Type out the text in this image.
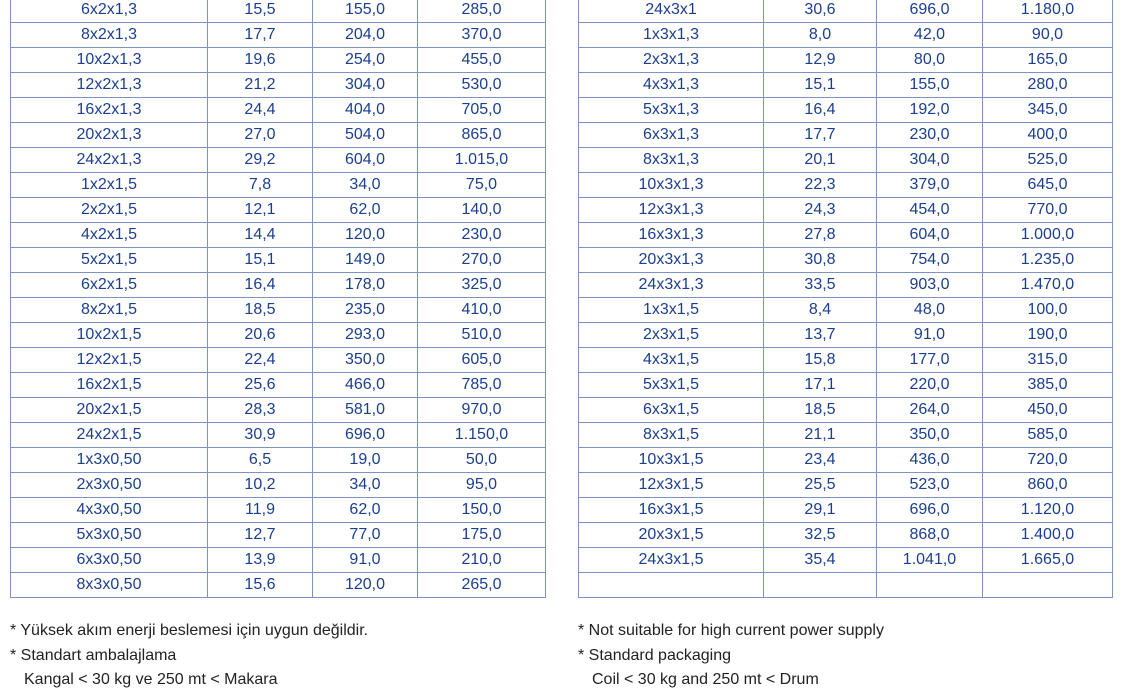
6x2x1,3	15,5	155,0	285,0
8x2x1,3	17,7	204,0	370,0
10x2x1,3	19,6	254,0	455,0
12x2x1,3	21,2	304,0	530,0
16x2x1,3	24,4	404,0	705,0
20x2x1,3	27,0	504,0	865,0
24x2x1,3	29,2	604,0	1.015,0
1x2x1,5	7,8	34,0	75,0
2x2x1,5	12,1	62,0	140,0
4x2x1,5	14,4	120,0	230,0
5x2x1,5	15,1	149,0	270,0
6x2x1,5	16,4	178,0	325,0
8x2x1,5	18,5	235,0	410,0
10x2x1,5	20,6	293,0	510,0
12x2x1,5	22,4	350,0	605,0
16x2x1,5	25,6	466,0	785,0
20x2x1,5	28,3	581,0	970,0
24x2x1,5	30,9	696,0	1.150,0
1x3x0,50	6,5	19,0	50,0
2x3x0,50	10,2	34,0	95,0
4x3x0,50	11,9	62,0	150,0
5x3x0,50	12,7	77,0	175,0
6x3x0,50	13,9	91,0	210,0
8x3x0,50	15,6	120,0	265,0
24x3x1	30,6	696,0	1.180,0
1x3x1,3	8,0	42,0	90,0
2x3x1,3	12,9	80,0	165,0
4x3x1,3	15,1	155,0	280,0
5x3x1,3	16,4	192,0	345,0
6x3x1,3	17,7	230,0	400,0
8x3x1,3	20,1	304,0	525,0
10x3x1,3	22,3	379,0	645,0
12x3x1,3	24,3	454,0	770,0
16x3x1,3	27,8	604,0	1.000,0
20x3x1,3	30,8	754,0	1.235,0
24x3x1,3	33,5	903,0	1.470,0
1x3x1,5	8,4	48,0	100,0
2x3x1,5	13,7	91,0	190,0
4x3x1,5	15,8	177,0	315,0
5x3x1,5	17,1	220,0	385,0
6x3x1,5	18,5	264,0	450,0
8x3x1,5	21,1	350,0	585,0
10x3x1,5	23,4	436,0	720,0
12x3x1,5	25,5	523,0	860,0
16x3x1,5	29,1	696,0	1.120,0
20x3x1,5	32,5	868,0	1.400,0
24x3x1,5	35,4	1.041,0	1.665,0

* Yüksek akım enerji beslemesi için uygun değildir.
* Standart ambalajlama
Kangal < 30 kg ve 250 mt < Makara
* Not suitable for high current power supply
* Standard packaging
Coil < 30 kg and 250 mt < Drum
